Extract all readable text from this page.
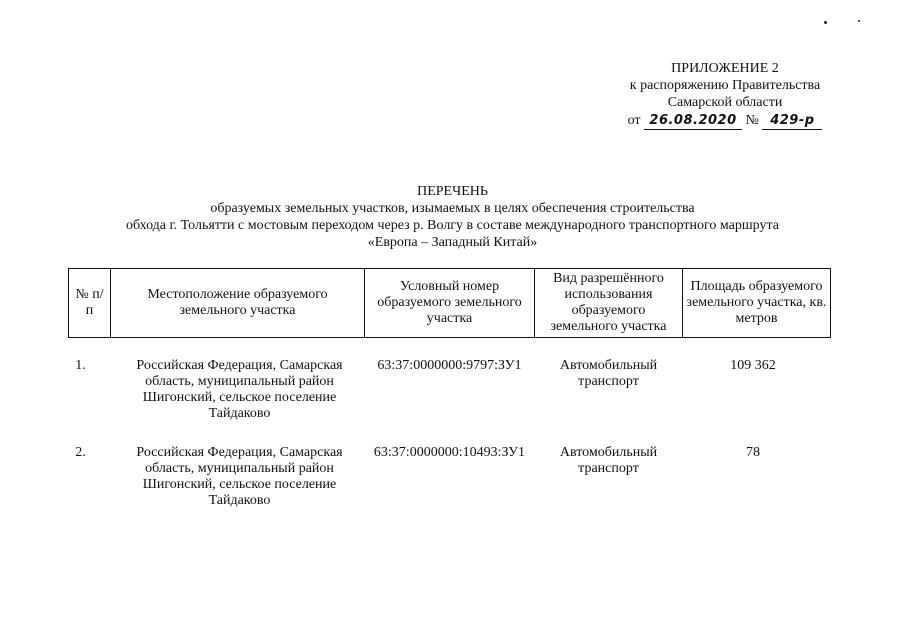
ПРИЛОЖЕНИЕ 2
к распоряжению Правительства
Самарской области
от 26.08.2020 № 429-р
ПЕРЕЧЕНЬ
образуемых земельных участков, изымаемых в целях обеспечения строительства
обхода г. Тольятти с мостовым переходом через р. Волгу в составе международного транспортного маршрута
«Европа – Западный Китай»
№ п/п	Местоположение образуемого земельного участка	Условный номер образуемого земельного участка	Вид разрешённого использования образуемого земельного участка	Площадь образуемого земельного участка, кв. метров
1.	Российская Федерация, Самарская область, муниципальный район Шигонский, сельское поселение Тайдаково	63:37:0000000:9797:ЗУ1	Автомобильный транспорт	109 362
2.	Российская Федерация, Самарская область, муниципальный район Шигонский, сельское поселение Тайдаково	63:37:0000000:10493:ЗУ1	Автомобильный транспорт	78
